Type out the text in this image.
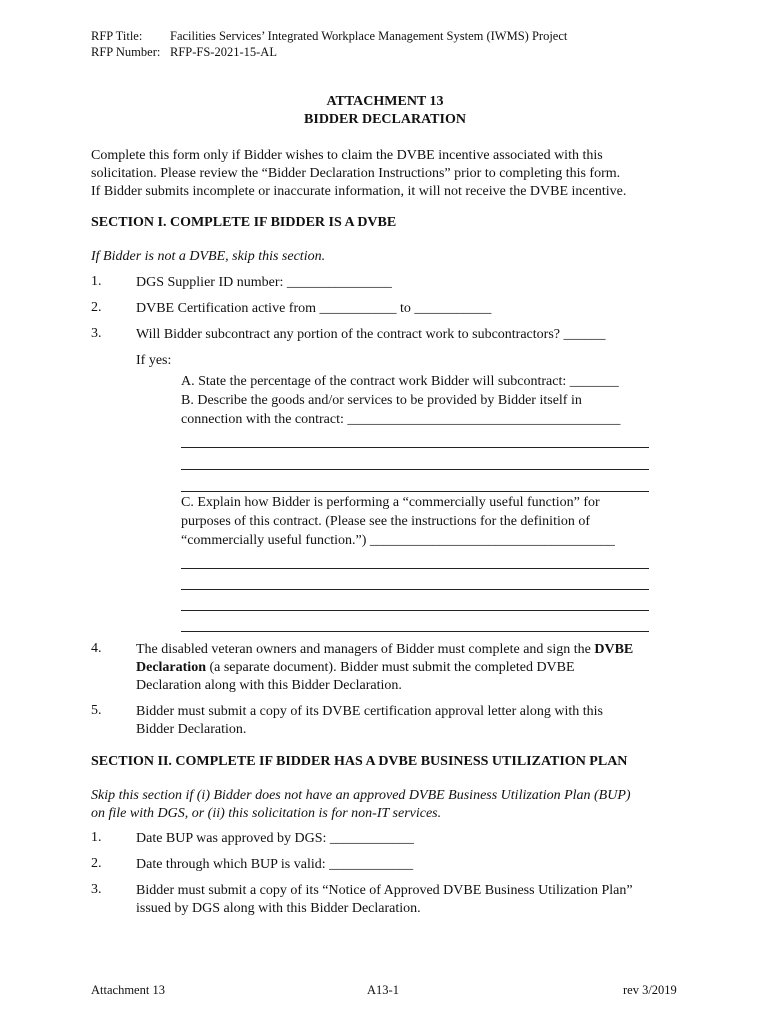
RFP Title: Facilities Services’ Integrated Workplace Management System (IWMS) Project
RFP Number: RFP-FS-2021-15-AL
ATTACHMENT 13
BIDDER DECLARATION
Complete this form only if Bidder wishes to claim the DVBE incentive associated with this
solicitation. Please review the “Bidder Declaration Instructions” prior to completing this form.
If Bidder submits incomplete or inaccurate information, it will not receive the DVBE incentive.
SECTION I. COMPLETE IF BIDDER IS A DVBE
If Bidder is not a DVBE, skip this section.
1. DGS Supplier ID number: _______________
2. DVBE Certification active from ___________ to ___________
3. Will Bidder subcontract any portion of the contract work to subcontractors? ______
If yes:
A. State the percentage of the contract work Bidder will subcontract: _______
B. Describe the goods and/or services to be provided by Bidder itself in
connection with the contract: _______________________________________
C. Explain how Bidder is performing a “commercially useful function” for
purposes of this contract. (Please see the instructions for the definition of
“commercially useful function.”) ___________________________________
4. The disabled veteran owners and managers of Bidder must complete and sign the DVBE
Declaration (a separate document). Bidder must submit the completed DVBE
Declaration along with this Bidder Declaration.
5. Bidder must submit a copy of its DVBE certification approval letter along with this
Bidder Declaration.
SECTION II. COMPLETE IF BIDDER HAS A DVBE BUSINESS UTILIZATION PLAN
Skip this section if (i) Bidder does not have an approved DVBE Business Utilization Plan (BUP)
on file with DGS, or (ii) this solicitation is for non-IT services.
1. Date BUP was approved by DGS: ____________
2. Date through which BUP is valid: ____________
3. Bidder must submit a copy of its “Notice of Approved DVBE Business Utilization Plan”
issued by DGS along with this Bidder Declaration.
Attachment 13	A13-1	rev 3/2019
